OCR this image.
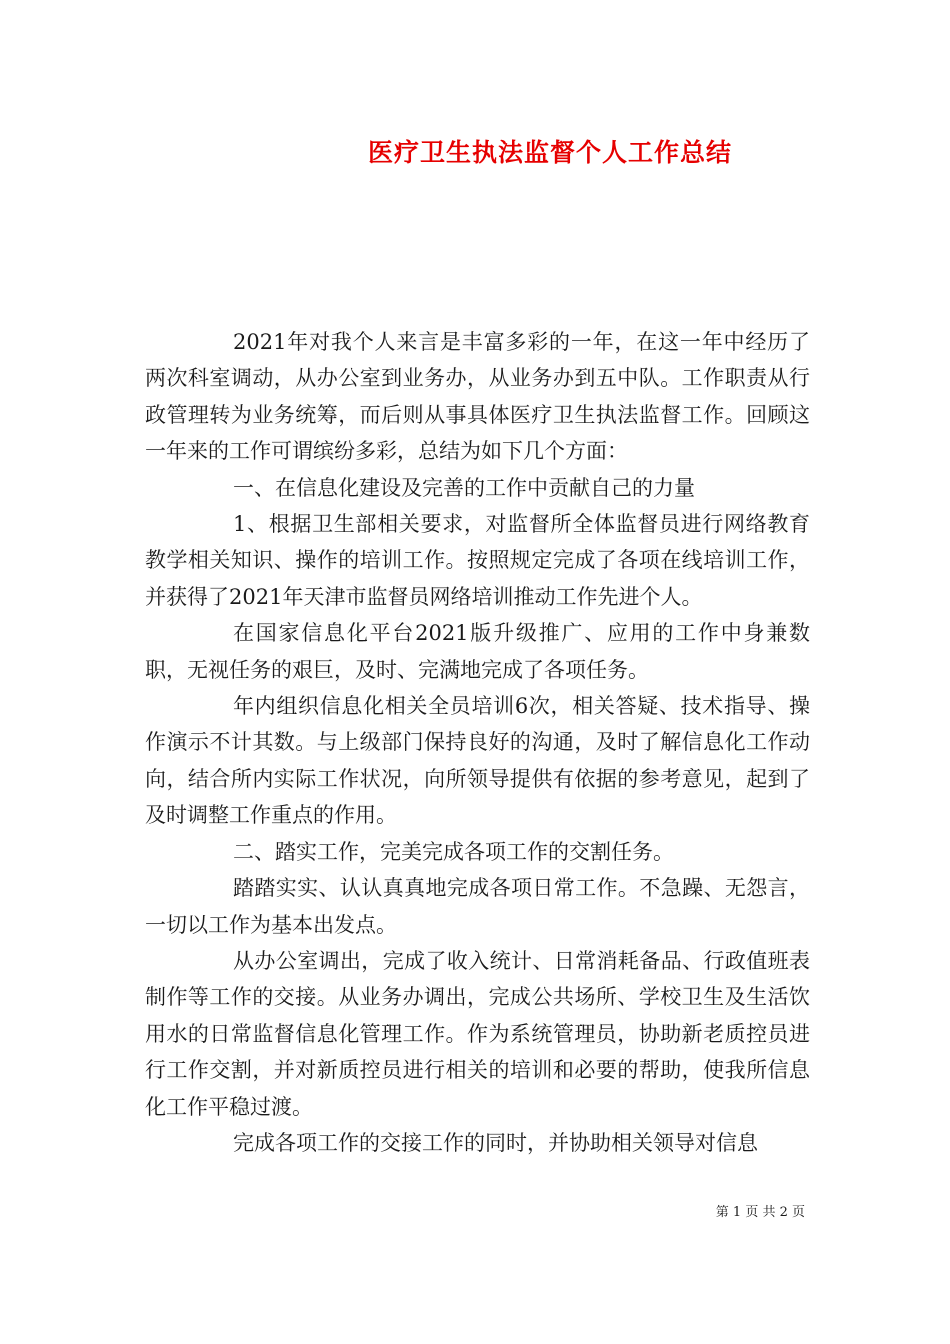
医疗卫生执法监督个人工作总结

2021年对我个人来言是丰富多彩的一年，在这一年中经历了两次科室调动，从办公室到业务办，从业务办到五中队。工作职责从行政管理转为业务统筹，而后则从事具体医疗卫生执法监督工作。回顾这一年来的工作可谓缤纷多彩，总结为如下几个方面：

一、在信息化建设及完善的工作中贡献自己的力量

1、根据卫生部相关要求，对监督所全体监督员进行网络教育教学相关知识、操作的培训工作。按照规定完成了各项在线培训工作，并获得了2021年天津市监督员网络培训推动工作先进个人。

在国家信息化平台2021版升级推广、应用的工作中身兼数职，无视任务的艰巨，及时、完满地完成了各项任务。

年内组织信息化相关全员培训6次，相关答疑、技术指导、操作演示不计其数。与上级部门保持良好的沟通，及时了解信息化工作动向，结合所内实际工作状况，向所领导提供有依据的参考意见，起到了及时调整工作重点的作用。

二、踏实工作，完美完成各项工作的交割任务。

踏踏实实、认认真真地完成各项日常工作。不急躁、无怨言，一切以工作为基本出发点。

从办公室调出，完成了收入统计、日常消耗备品、行政值班表制作等工作的交接。从业务办调出，完成公共场所、学校卫生及生活饮用水的日常监督信息化管理工作。作为系统管理员，协助新老质控员进行工作交割，并对新质控员进行相关的培训和必要的帮助，使我所信息化工作平稳过渡。

完成各项工作的交接工作的同时，并协助相关领导对信息

第 1 页 共 2 页
